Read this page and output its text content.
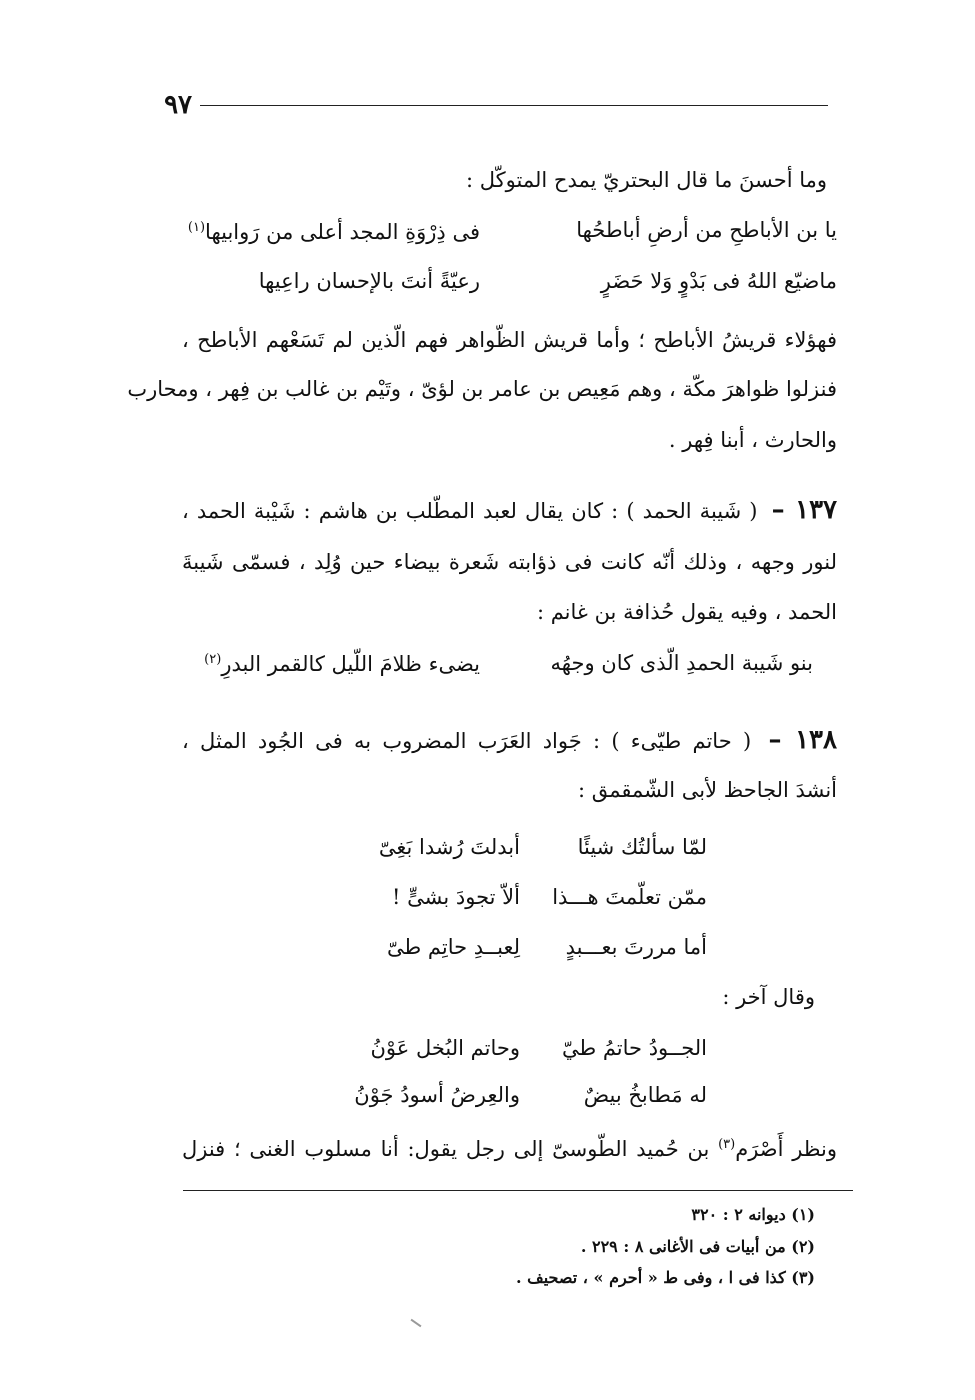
٩٧
وما أحسنَ ما قال البحتريّ يمدح المتوكّل :
يا بن الأباطحِ من أرضِ أباطحُها
فى ذِرْوَةِ المجد أعلى من رَوابيها$^{(١)}$
ماضيّع اللهُ فى بَدْوٍ وَلا حَضَرٍ
رعيّةً أنتَ بالإحسان راعِيها
فهؤلاء قريشُ الأباطح ؛ وأما قريش الظّواهر فهم الّذين لم تَسَعْهم الأباطح ،
فنزلوا ظواهرَ مكّة ، وهم مَعِيص بن عامر بن لؤىّ ، وتَيْم بن غالب بن فِهر ، ومحارب
والحارث ، أبنا فِهر .
١٣٧ – ( شَيبة الحمد ) : كان يقال لعبد المطّلب بن هاشم : شَيْبة الحمد ،
لنور وجهه ، وذلك أنّه كانت فى ذؤابته شَعرة بيضاء حين وُلِد ، فسمّى شَيبةَ
الحمد ، وفيه يقول حُذافة بن غانم :
بنو شَيبة الحمدِ الّذى كان وجهُه
يضىء ظلامَ اللّيل كالقمر البدرِ$^{(٢)}$
١٣٨ – ( حاتم طيّىء ) : جَواد العَرَب المضروب به فى الجُود المثل ،
أنشدَ الجاحظ لأبى الشّمقمق :
لمّا سألتُك شيئًا
أبدلتَ رُشدا بَغِىّ
ممّن تعلّمتَ هـــذا
ألاّ تجودَ بشىٍّ !
أما مررتَ بعـــبدٍ
لِعبــدِ حاتِم طىّ
وقال آخر :
الجــودُ حاتمُ طيّ
وحاتم البُخل عَوْنُ
له مَطابخُ بيضٌ
والعِرضُ أسودُ جَوْنُ
ونظر أَصْرَم$^{(٣)}$ بن حُميد الطّوسىّ إلى رجل يقول: أنا مسلوب الغنى ؛ فنزل
(١) ديوانه ٢ : ٣٢٠
(٢) من أبيات فى الأغانى ٨ : ٢٢٩ .
(٣) كذا فى ا ، وفى ط « أحرم » ، تصحيف .
